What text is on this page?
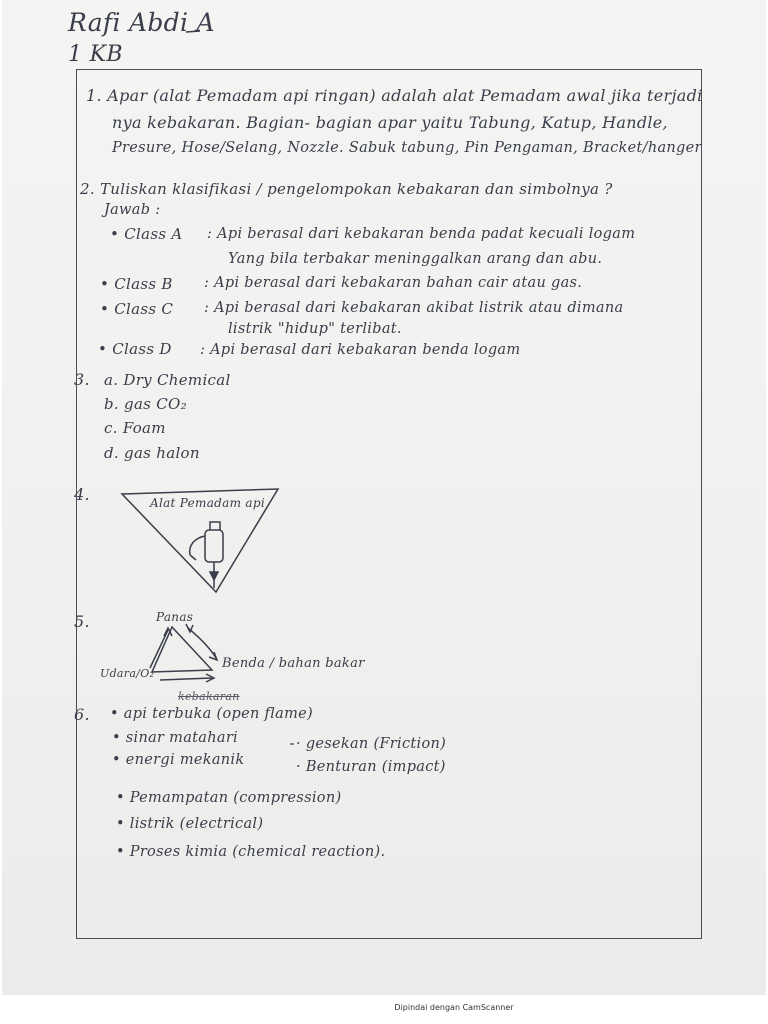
Rafi Abdi A
1 KB
1. Apar (alat Pemadam api ringan) adalah alat Pemadam awal jika terjadi
nya kebakaran. Bagian- bagian apar yaitu Tabung, Katup, Handle,
Presure, Hose/Selang, Nozzle. Sabuk tabung, Pin Pengaman, Bracket/hanger
2. Tuliskan klasifikasi / pengelompokan kebakaran dan simbolnya ?
Jawab :
• Class A : Api berasal dari kebakaran benda padat kecuali logam
Yang bila terbakar meninggalkan arang dan abu.
• Class B : Api berasal dari kebakaran bahan cair atau gas.
• Class C : Api berasal dari kebakaran akibat listrik atau dimana
listrik "hidup" terlibat.
• Class D : Api berasal dari kebakaran benda logam
3. a. Dry Chemical
b. gas CO₂
c. Foam
d. gas halon
4.	Alat Pemadam api
5.	Panas
Udara/O₂
Benda / bahan bakar
6. • api terbuka (open flame)
kebakaran
• sinar matahari
• energi mekanik
· gesekan (Friction)
· Benturan (impact)
• Pemampatan (compression)
• listrik (electrical)
• Proses kimia (chemical reaction).
Dipindai dengan CamScanner
